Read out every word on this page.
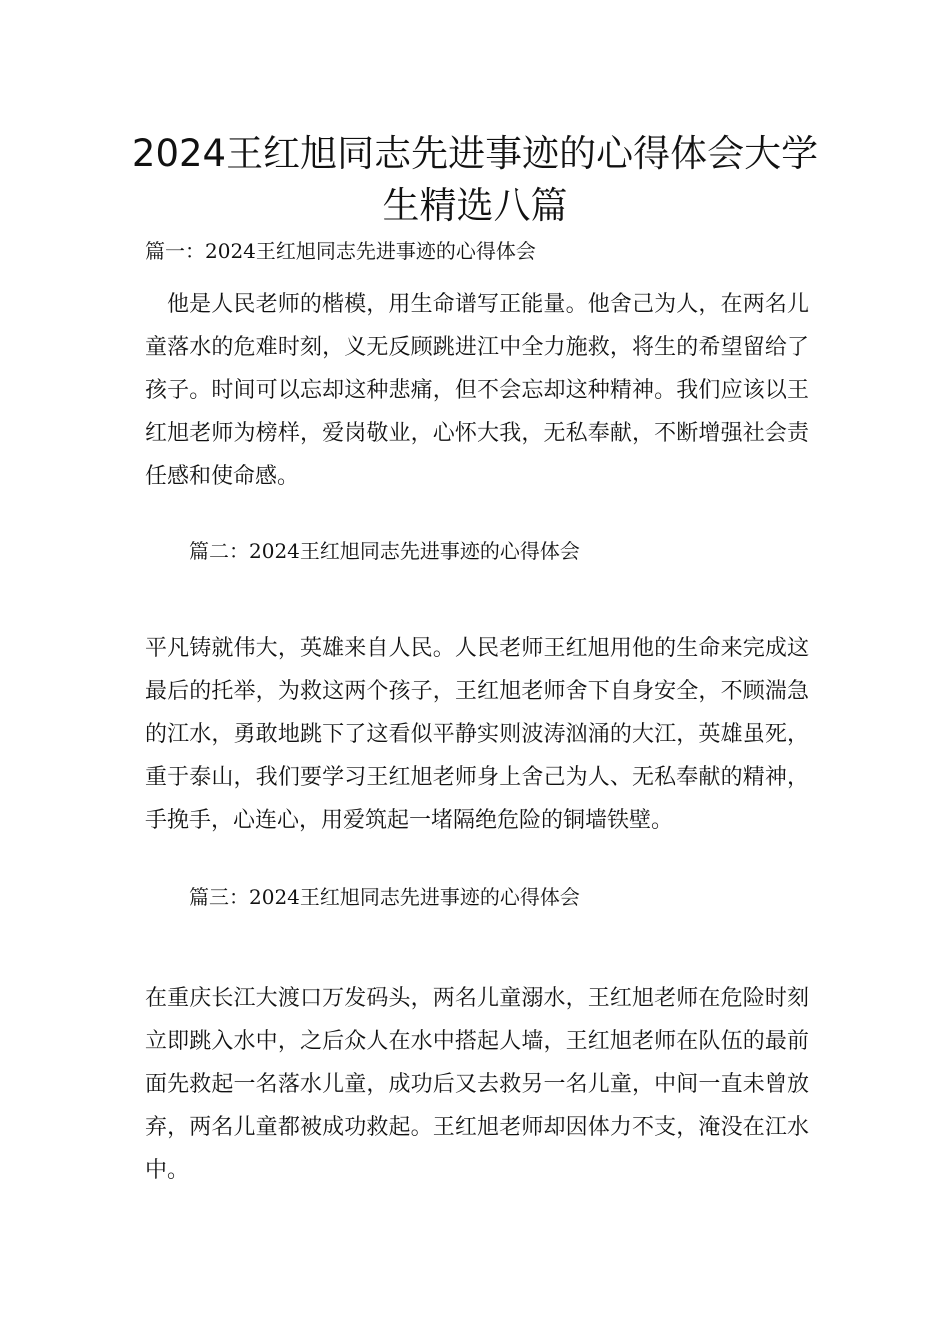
2024王红旭同志先进事迹的心得体会大学生精选八篇

篇一：2024王红旭同志先进事迹的心得体会

他是人民老师的楷模，用生命谱写正能量。他舍己为人，在两名儿童落水的危难时刻，义无反顾跳进江中全力施救，将生的希望留给了孩子。时间可以忘却这种悲痛，但不会忘却这种精神。我们应该以王红旭老师为榜样，爱岗敬业，心怀大我，无私奉献，不断增强社会责任感和使命感。

篇二：2024王红旭同志先进事迹的心得体会

平凡铸就伟大，英雄来自人民。人民老师王红旭用他的生命来完成这最后的托举，为救这两个孩子，王红旭老师舍下自身安全，不顾湍急的江水，勇敢地跳下了这看似平静实则波涛汹涌的大江，英雄虽死，重于泰山，我们要学习王红旭老师身上舍己为人、无私奉献的精神，手挽手，心连心，用爱筑起一堵隔绝危险的铜墙铁壁。

篇三：2024王红旭同志先进事迹的心得体会

在重庆长江大渡口万发码头，两名儿童溺水，王红旭老师在危险时刻立即跳入水中，之后众人在水中搭起人墙，王红旭老师在队伍的最前面先救起一名落水儿童，成功后又去救另一名儿童，中间一直未曾放弃，两名儿童都被成功救起。王红旭老师却因体力不支，淹没在江水中。
